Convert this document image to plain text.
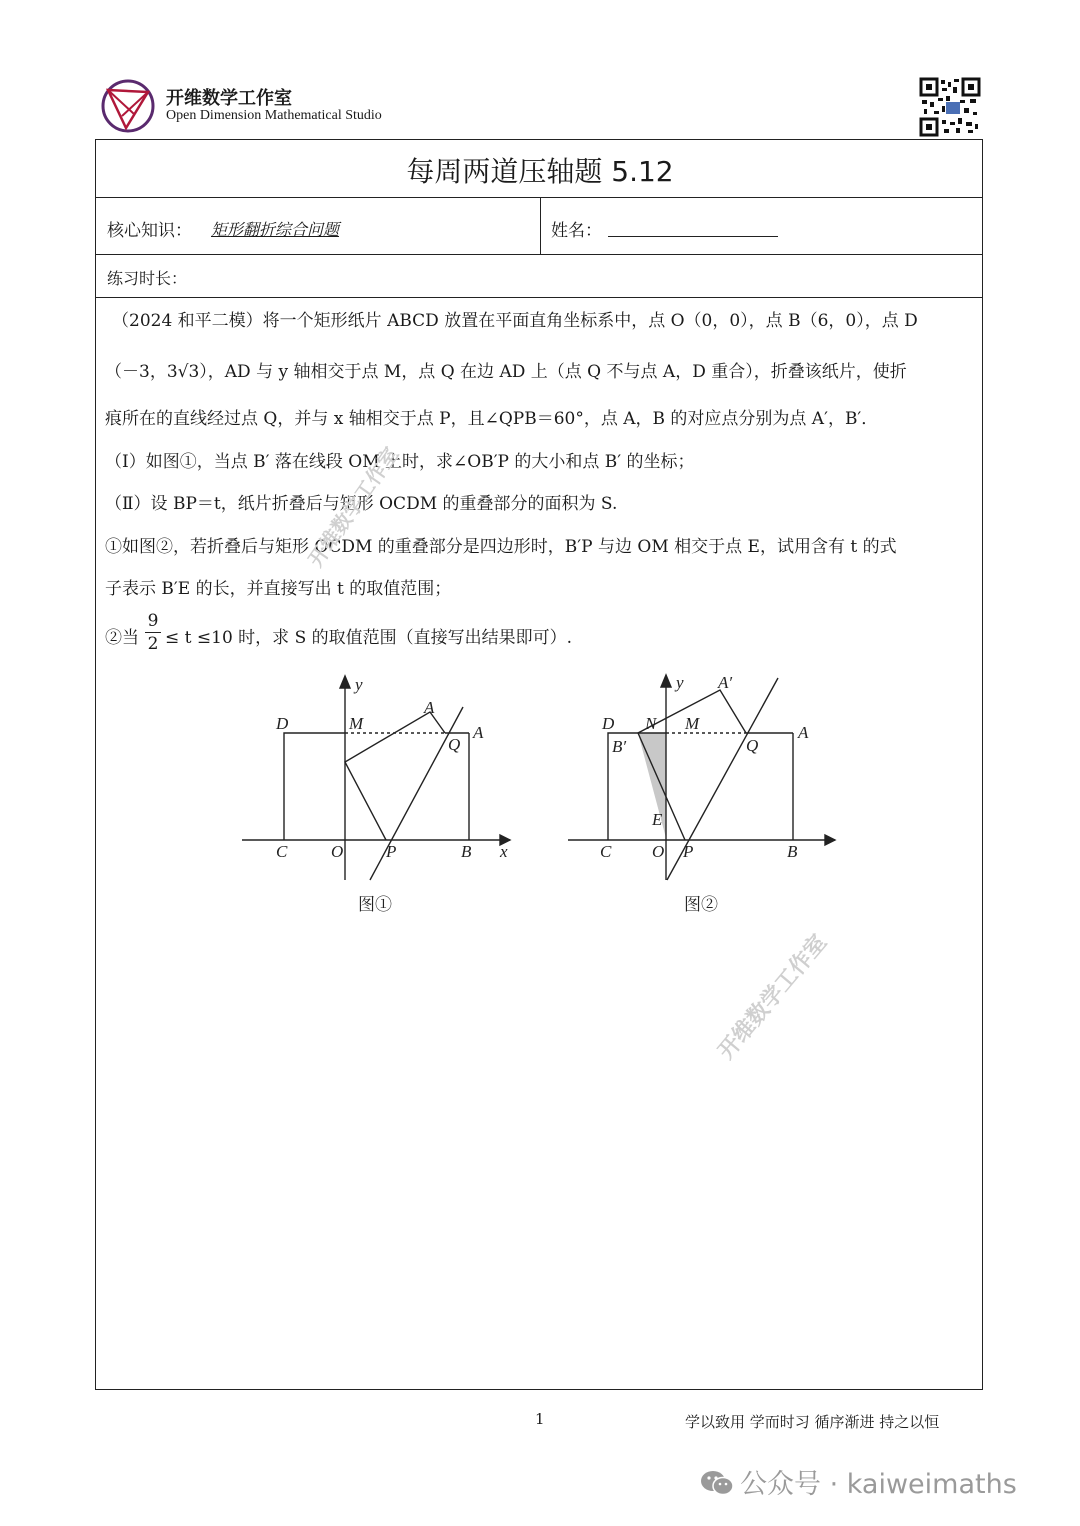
开维数学工作室
Open Dimension Mathematical Studio
每周两道压轴题 5.12
核心知识： 矩形翻折综合问题	姓名：
练习时长：
（2024 和平二模）将一个矩形纸片 ABCD 放置在平面直角坐标系中，点 O（0，0），点 B（6，0），点 D
（－3，3√3），AD 与 y 轴相交于点 M，点 Q 在边 AD 上（点 Q 不与点 A，D 重合），折叠该纸片，使折
痕所在的直线经过点 Q，并与 x 轴相交于点 P，且∠QPB＝60°，点 A，B 的对应点分别为点 A′，B′．
（Ⅰ）如图①，当点 B′ 落在线段 OM 上时，求∠OB′P 的大小和点 B′ 的坐标；
（Ⅱ）设 BP＝t，纸片折叠后与矩形 OCDM 的重叠部分的面积为 S.
①如图②，若折叠后与矩形 OCDM 的重叠部分是四边形时，B′P 与边 OM 相交于点 E，试用含有 t 的式
子表示 B′E 的长，并直接写出 t 的取值范围；
②当
9
2 ≤ t ≤10 时，求 S 的取值范围（直接写出结果即可）.
y
x
D	M
A
Q
A
C	O	P	B
图①
y A′
D N M
Q
A
B′
E
C O P	B
图②
开维数学工作室
开维数学工作室
1	学以致用 学而时习 循序渐进 持之以恒
公众号 · kaiweimaths
